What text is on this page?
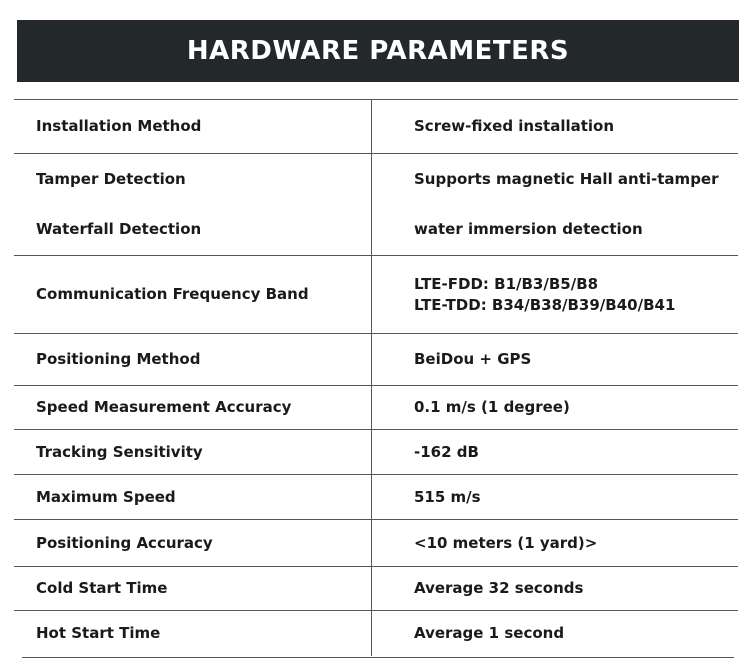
HARDWARE PARAMETERS
Installation Method	Screw-fixed installation
Tamper Detection	Supports magnetic Hall anti-tamper
Waterfall Detection	water immersion detection
Communication Frequency Band	LTE-FDD: B1/B3/B5/B8
LTE-TDD: B34/B38/B39/B40/B41

Positioning Method	BeiDou + GPS
Speed Measurement Accuracy	0.1 m/s (1 degree)
Tracking Sensitivity	-162 dB
Maximum Speed	515 m/s
Positioning Accuracy	<10 meters (1 yard)>
Cold Start Time	Average 32 seconds
Hot Start Time	Average 1 second
